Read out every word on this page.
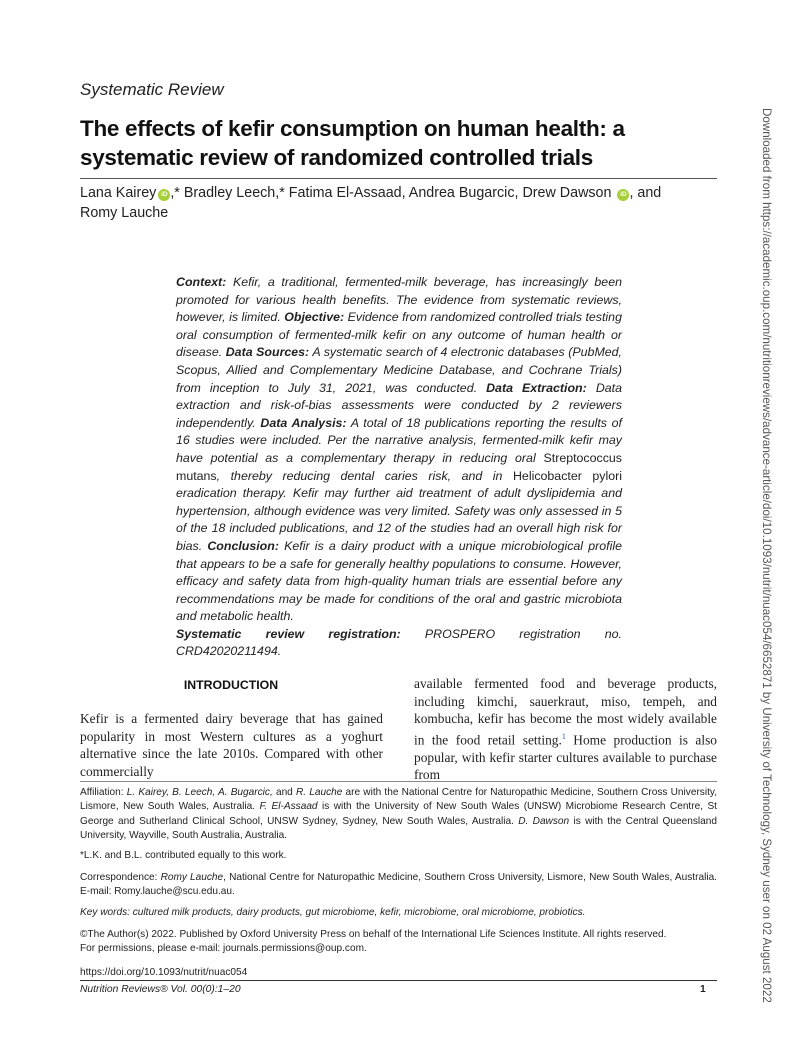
Systematic Review
The effects of kefir consumption on human health: a systematic review of randomized controlled trials
Lana Kairey iD ,* Bradley Leech,* Fatima El-Assaad, Andrea Bugarcic, Drew Dawson iD , and
Romy Lauche
Context: Kefir, a traditional, fermented-milk beverage, has increasingly been promoted for various health benefits. The evidence from systematic reviews, however, is limited. Objective: Evidence from randomized controlled trials testing oral consumption of fermented-milk kefir on any outcome of human health or disease. Data Sources: A systematic search of 4 electronic databases (PubMed, Scopus, Allied and Complementary Medicine Database, and Cochrane Trials) from inception to July 31, 2021, was conducted. Data Extraction: Data extraction and risk-of-bias assessments were conducted by 2 reviewers independently. Data Analysis: A total of 18 publications reporting the results of 16 studies were included. Per the narrative analysis, fermented-milk kefir may have potential as a complementary therapy in reducing oral Streptococcus mutans, thereby reducing dental caries risk, and in Helicobacter pylori eradication therapy. Kefir may further aid treatment of adult dyslipidemia and hypertension, although evidence was very limited. Safety was only assessed in 5 of the 18 included publications, and 12 of the studies had an overall high risk for bias. Conclusion: Kefir is a dairy product with a unique microbiological profile that appears to be a safe for generally healthy populations to consume. However, efficacy and safety data from high-quality human trials are essential before any recommendations may be made for conditions of the oral and gastric microbiota and metabolic health.
Systematic review registration: PROSPERO registration no. CRD42020211494.
INTRODUCTION
Kefir is a fermented dairy beverage that has gained popularity in most Western cultures as a yoghurt alternative since the late 2010s. Compared with other commercially
available fermented food and beverage products, including kimchi, sauerkraut, miso, tempeh, and kombucha, kefir has become the most widely available in the food retail setting.$^1$ Home production is also popular, with kefir starter cultures available to purchase from
Affiliation: L. Kairey, B. Leech, A. Bugarcic, and R. Lauche are with the National Centre for Naturopathic Medicine, Southern Cross University, Lismore, New South Wales, Australia. F. El-Assaad is with the University of New South Wales (UNSW) Microbiome Research Centre, St George and Sutherland Clinical School, UNSW Sydney, Sydney, New South Wales, Australia. D. Dawson is with the Central Queensland University, Wayville, South Australia, Australia.
*L.K. and B.L. contributed equally to this work.
Correspondence: Romy Lauche, National Centre for Naturopathic Medicine, Southern Cross University, Lismore, New South Wales, Australia. E-mail: Romy.lauche@scu.edu.au.
Key words: cultured milk products, dairy products, gut microbiome, kefir, microbiome, oral microbiome, probiotics.
©The Author(s) 2022. Published by Oxford University Press on behalf of the International Life Sciences Institute. All rights reserved.
For permissions, please e-mail: journals.permissions@oup.com.
https://doi.org/10.1093/nutrit/nuac054
Nutrition Reviews® Vol. 00(0):1–20	1	Downloaded from https://academic.oup.com/nutritionreviews/advance-article/doi/10.1093/nutrit/nuac054/6652871 by University of Technology, Sydney user on 02 August 2022
